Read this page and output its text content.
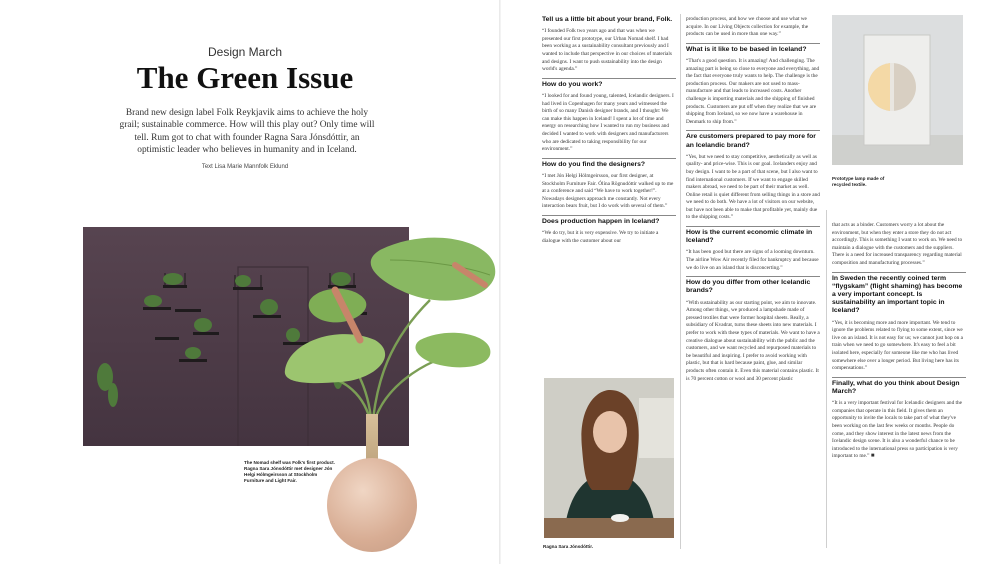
Design March
The Green Issue
Brand new design label Folk Reykjavik aims to achieve the holy grail; sustainable commerce. How will this play out? Only time will tell. Rum got to chat with founder Ragna Sara Jónsdóttir, an optimistic leader who believes in humanity and in Iceland.
Text Lisa Marie Mannfolk Eklund
The Nomad shelf was Folk's first product. Ragna Sara Jónsdóttir met designer Jón Helgi Hólmgeirsson at Stockholm Furniture and Light Fair.
Tell us a little bit about your brand, Folk.

“I founded Folk two years ago and that was when we presented our first prototype, our Urban Nomad shelf. I had been working as a sustainability consultant previously and I wanted to include that perspective in our choices of materials and designs. I want to push sustainability into the design world's agenda.”

How do you work?

“I looked for and found young, talented, Icelandic designers. I had lived in Copenhagen for many years and witnessed the birth of so many Danish designer brands, and I thought: We can make this happen in Iceland! I spent a lot of time and energy on researching how I wanted to run my business and decided I wanted to work with designers and manufacturers who are dedicated to taking responsibility for our environment.”

How do you find the designers?

“I met Jón Helgi Hólmgeirsson, our first designer, at Stockholm Furniture Fair. Ólína Rögnudóttir walked up to me at a conference and said “We have to work together!”. Nowadays designers approach me constantly. Not every interaction bears fruit, but I do work with several of them.”

Does production happen in Iceland?

“We do try, but it is very expensive. We try to initiate a dialogue with the customer about our

Ragna Sara Jónsdóttir.

production process, and how we choose and use what we acquire. In our Living Objects collection for example, the products can be used in more than one way.”

What is it like to be based in Iceland?

“That's a good question. It is amazing! And challenging. The amazing part is being so close to everyone and everything, and the fact that everyone truly wants to help. The challenge is the production process. Our makers are not used to mass-manufacture and that leads to increased costs. Another challenge is importing materials and the shipping of finished products. Customers are put off when they realize that we are shipping from Iceland, so we now have a warehouse in Denmark to ship from.”

Are customers prepared to pay more for an Icelandic brand?

“Yes, but we need to stay competitive, aesthetically as well as quality- and price-wise. This is our goal. Icelanders enjoy and buy design. I want to be a part of that scene, but I also want to find international customers. If we want to engage skilled makers abroad, we need to be part of their market as well. Online retail is quiet different from selling things in a store and we need to do both. We have a lot of visitors on our website, but have not been able to make that profitable yet, mainly due to the shipping costs.”

How is the current economic climate in Iceland?

“It has been good but there are signs of a looming downturn. The airline Wow Air recently filed for bankruptcy and because we do live on an island that is disconcerting.”

How do you differ from other Icelandic brands?

“With sustainability as our starting point, we aim to innovate. Among other things, we produced a lampshade made of pressed textiles that were former hospital sheets. Really, a subsidiary of Kvadrat, turns these sheets into new materials. I prefer to work with these types of materials. We want to have a creative dialogue about sustainability with the public and the customers, and we want recycled and repurposed materials to be beautiful and inspiring. I prefer to avoid working with plastic, but that is hard because paint, glue, and similar products often contain it. Even this material contains plastic. It is 70 percent cotton or wool and 30 percent plastic

Prototype lamp made of recycled textile.

that acts as a binder. Customers worry a lot about the environment, but when they enter a store they do not act accordingly. This is something I want to work on. We need to maintain a dialogue with the customers and the suppliers. There is a need for increased transparency regarding material composition and manufacturing processes.”

In Sweden the recently coined term “flygskam” (flight shaming) has become a very important concept. Is sustainability an important topic in Iceland?

“Yes, it is becoming more and more important. We tend to ignore the problems related to flying to some extent, since we live on an island. It is not easy for us; we cannot just hop on a train when we need to go somewhere. It's easy to feel a bit isolated here, especially for someone like me who has lived somewhere else over a longer period. But living here has its compensations.”

Finally, what do you think about Design March?

“It is a very important festival for Icelandic designers and the companies that operate in this field. It gives them an opportunity to invite the locals to take part of what they've been working on the last few weeks or months. People do come, and they show interest in the latest news from the Icelandic design scene. It is also a wonderful chance to be introduced to the international press so participation is very important to me.” ■
